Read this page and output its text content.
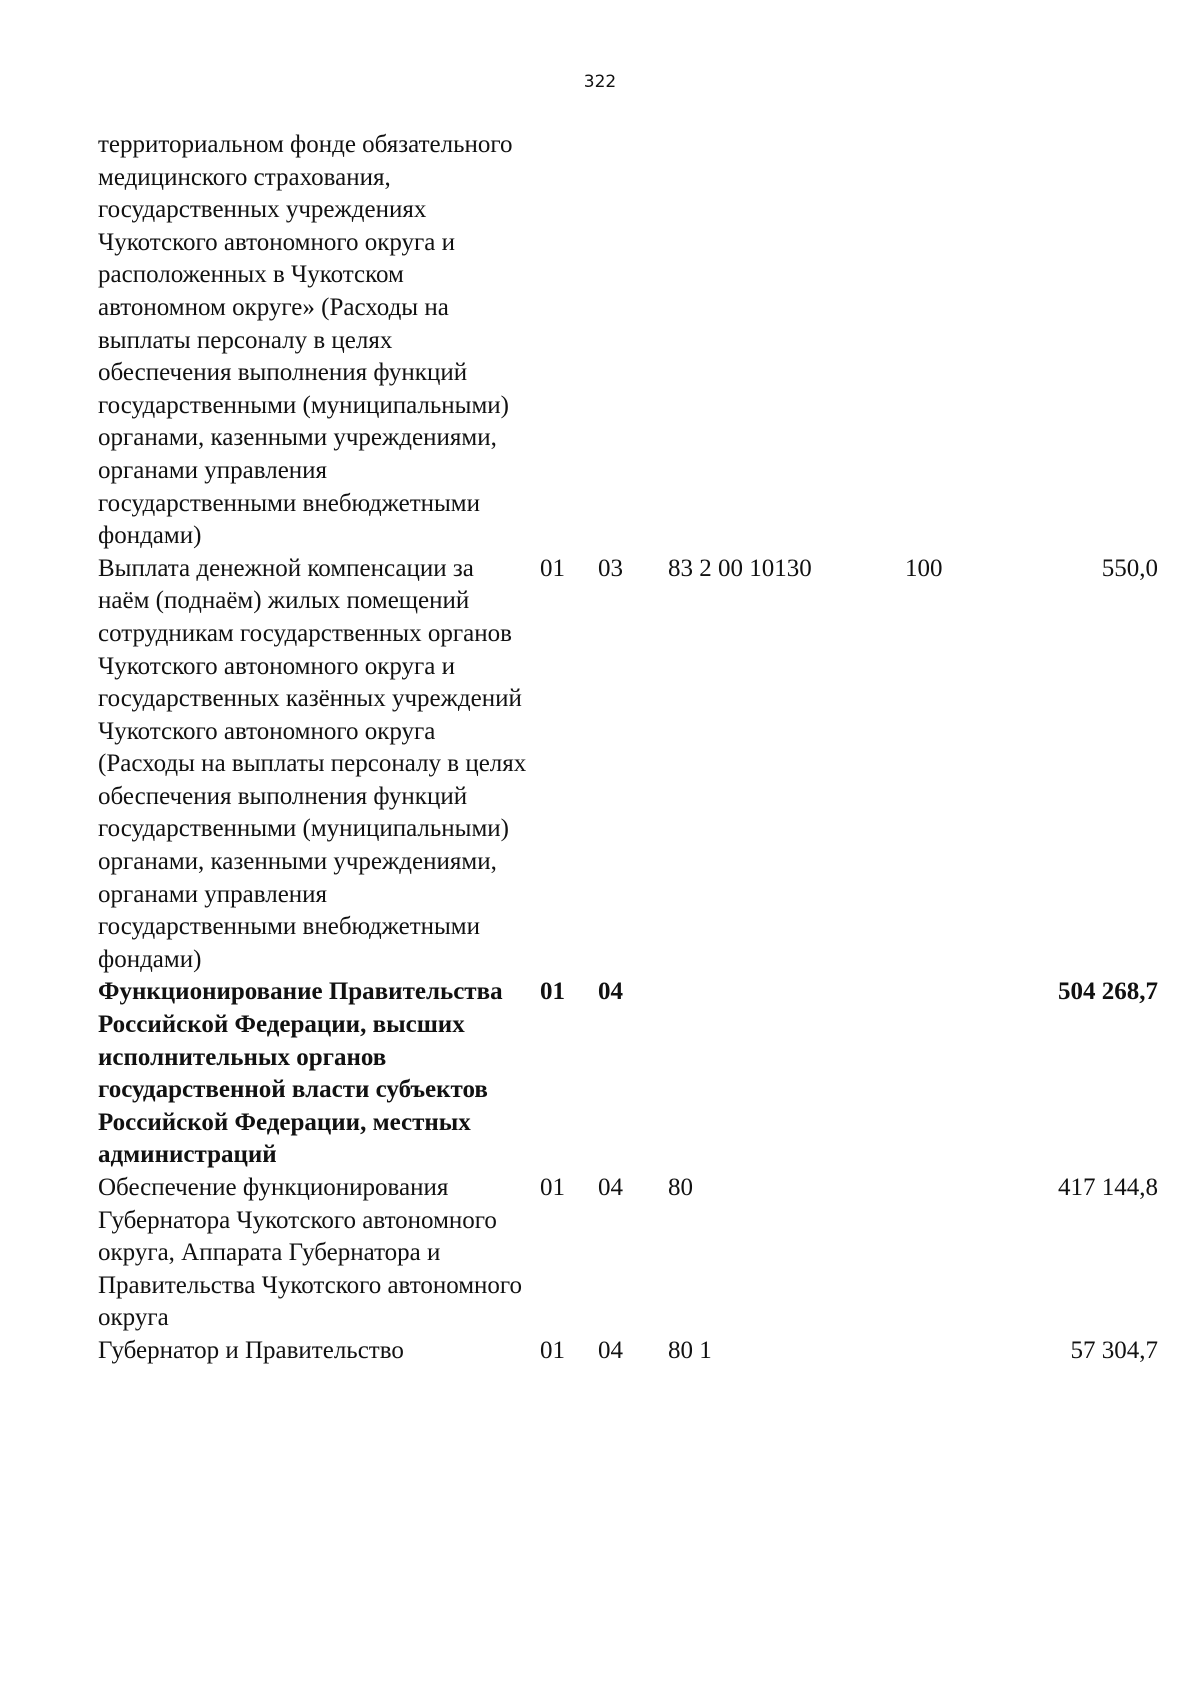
322
территориальном фонде обязательного медицинского страхования, государственных учреждениях Чукотского автономного округа и расположенных в Чукотском автономном округе» (Расходы на выплаты персоналу в целях обеспечения выполнения функций государственными (муниципальными) органами, казенными учреждениями, органами управления государственными внебюджетными фондами)					
Выплата денежной компенсации за наём (поднаём) жилых помещений сотрудникам государственных органов Чукотского автономного округа и государственных казённых учреждений Чукотского автономного округа (Расходы на выплаты персоналу в целях обеспечения выполнения функций государственными (муниципальными) органами, казенными учреждениями, органами управления государственными внебюджетными фондами)	01	03	83 2 00 10130	100	550,0
Функционирование Правительства Российской Федерации, высших исполнительных органов государственной власти субъектов Российской Федерации, местных администраций	01	04			504 268,7
Обеспечение функционирования Губернатора Чукотского автономного округа, Аппарата Губернатора и Правительства Чукотского автономного округа	01	04	80		417 144,8
Губернатор и Правительство	01	04	80 1		57 304,7
